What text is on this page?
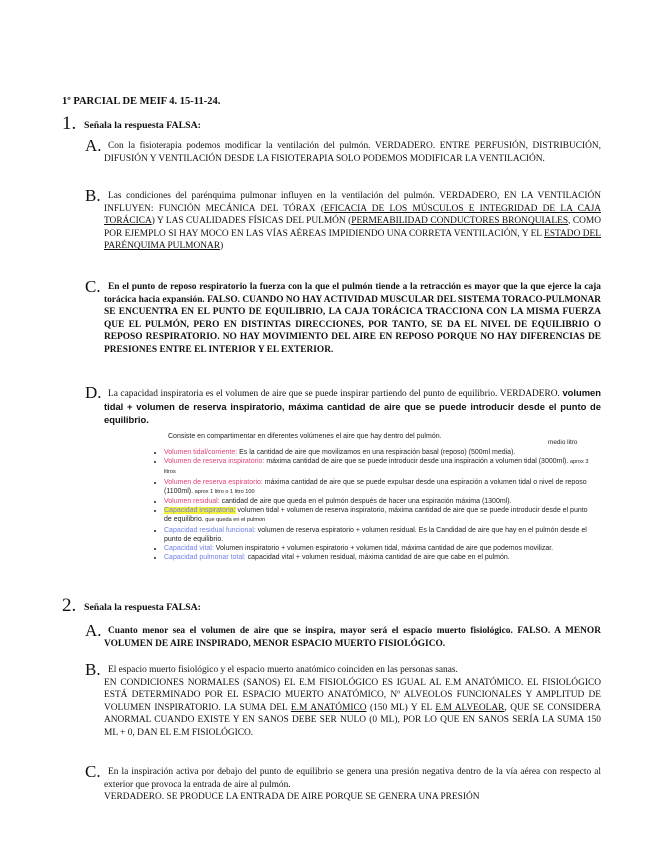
1º PARCIAL DE MEIF 4. 15-11-24.
1. Señala la respuesta FALSA:
A. Con la fisioterapia podemos modificar la ventilación del pulmón. VERDADERO. ENTRE PERFUSIÓN, DISTRIBUCIÓN, DIFUSIÓN Y VENTILACIÓN DESDE LA FISIOTERAPIA SOLO PODEMOS MODIFICAR LA VENTILACIÓN.
B. Las condiciones del parénquima pulmonar influyen en la ventilación del pulmón. VERDADERO, EN LA VENTILACIÓN INFLUYEN: FUNCIÓN MECÁNICA DEL TÓRAX (EFICACIA DE LOS MÚSCULOS E INTEGRIDAD DE LA CAJA TORÁCICA) Y LAS CUALIDADES FÍSICAS DEL PULMÓN (PERMEABILIDAD CONDUCTORES BRONQUIALES, COMO POR EJEMPLO SI HAY MOCO EN LAS VÍAS AÉREAS IMPIDIENDO UNA CORRETA VENTILACIÓN, Y EL ESTADO DEL PARÉNQUIMA PULMONAR)
C. En el punto de reposo respiratorio la fuerza con la que el pulmón tiende a la retracción es mayor que la que ejerce la caja torácica hacia expansión. FALSO. CUANDO NO HAY ACTIVIDAD MUSCULAR DEL SISTEMA TORACO-PULMONAR SE ENCUENTRA EN EL PUNTO DE EQUILIBRIO, LA CAJA TORÁCICA TRACCIONA CON LA MISMA FUERZA QUE EL PULMÓN, PERO EN DISTINTAS DIRECCIONES, POR TANTO, SE DA EL NIVEL DE EQUILIBRIO O REPOSO RESPIRATORIO. NO HAY MOVIMIENTO DEL AIRE EN REPOSO PORQUE NO HAY DIFERENCIAS DE PRESIONES ENTRE EL INTERIOR Y EL EXTERIOR.
D. La capacidad inspiratoria es el volumen de aire que se puede inspirar partiendo del punto de equilibrio. VERDADERO. volumen tidal + volumen de reserva inspiratorio, máxima cantidad de aire que se puede introducir desde el punto de equilibrio.
Consiste en compartimentar en diferentes volúmenes el aire que hay dentro del pulmón.
medio litro
• Volumen tidal/corriente: Es la cantidad de aire que movilizamos en una respiración basal (reposo) (500ml media).
• Volumen de reserva inspiratorio: máxima cantidad de aire que se puede introducir desde una inspiración a volumen tidal (3000ml). aprox 3 litros
• Volumen de reserva espiratorio: máxima cantidad de aire que se puede expulsar desde una espiración a volumen tidal o nivel de reposo (1100ml). aprox 1 litro o 1 litro 100
• Volumen residual: cantidad de aire que queda en el pulmón después de hacer una espiración máxima (1300ml).
• Capacidad inspiratoria: volumen tidal + volumen de reserva inspiratorio, máxima cantidad de aire que se puede introducir desde el punto de equilibrio. que queda en el pulmon
• Capacidad residual funcional: volumen de reserva espiratorio + volumen residual. Es la Candidad de aire que hay en el pulmón desde el punto de equilibrio.
• Capacidad vital: Volumen inspiratorio + volumen espiratorio + volumen tidal, máxima cantidad de aire que podemos movilizar.
• Capacidad pulmonar total: capacidad vital + volumen residual, máxima cantidad de aire que cabe en el pulmón.
2. Señala la respuesta FALSA:
A. Cuanto menor sea el volumen de aire que se inspira, mayor será el espacio muerto fisiológico. FALSO. A MENOR VOLUMEN DE AIRE INSPIRADO, MENOR ESPACIO MUERTO FISIOLÓGICO.
B. El espacio muerto fisiológico y el espacio muerto anatómico coinciden en las personas sanas.
EN CONDICIONES NORMALES (SANOS) EL E.M FISIOLÓGICO ES IGUAL AL E.M ANATÓMICO. EL FISIOLÓGICO ESTÁ DETERMINADO POR EL ESPACIO MUERTO ANATÓMICO, Nº ALVEOLOS FUNCIONALES Y AMPLITUD DE VOLUMEN INSPIRATORIO. LA SUMA DEL E.M ANATÓMICO (150 ML) Y EL E.M ALVEOLAR, QUE SE CONSIDERA ANORMAL CUANDO EXISTE Y EN SANOS DEBE SER NULO (0 ML), POR LO QUE EN SANOS SERÍA LA SUMA 150 ML + 0, DAN EL E.M FISIOLÓGICO.
C. En la inspiración activa por debajo del punto de equilibrio se genera una presión negativa dentro de la vía aérea con respecto al exterior que provoca la entrada de aire al pulmón.
VERDADERO. SE PRODUCE LA ENTRADA DE AIRE PORQUE SE GENERA UNA PRESIÓN
